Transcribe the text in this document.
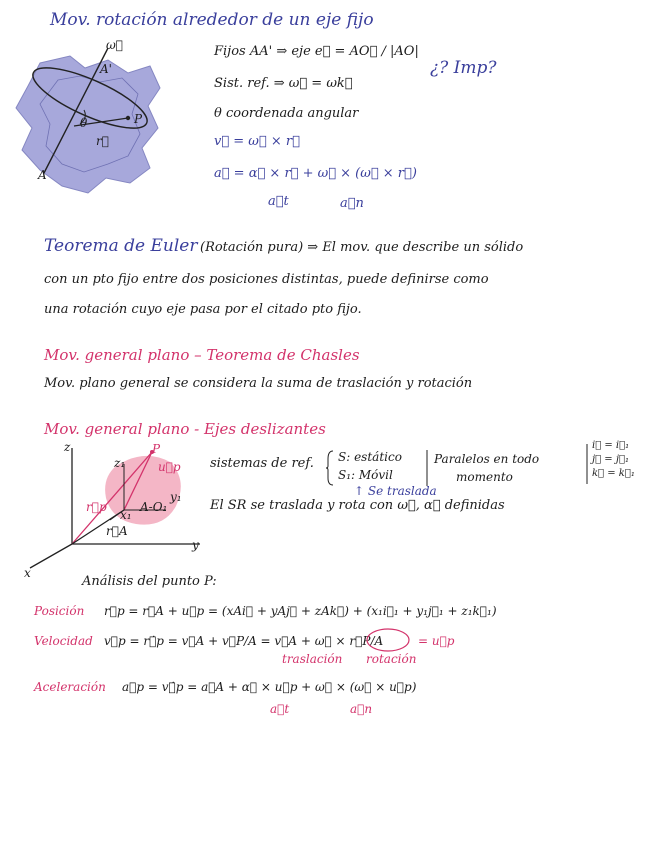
Mov. rotación alrededor de un eje fijo
ω⃗
A'
A
P
θ
r⃗
Fijos AA' ⇒ eje e⃗ = AO⃗ / |AO|
¿? Imp?
Sist. ref. ⇒ ω⃗ = ωk⃗
θ coordenada angular
v⃗ = ω⃗ × r⃗
a⃗ = α⃗ × r⃗ + ω⃗ × (ω⃗ × r⃗)
a⃗t	a⃗n
Teorema de Euler (Rotación pura) ⇒ El mov. que describe un sólido
con un pto fijo entre dos posiciones distintas, puede definirse como
una rotación cuyo eje pasa por el citado pto fijo.
Mov. general plano – Teorema de Chasles
Mov. plano general se considera la suma de traslación y rotación
Mov. general plano - Ejes deslizantes
z
y
x
P
r⃗p
u⃗p
r⃗A
z₁
y₁
x₁
A-O₁
sistemas de ref. S: estático
S₁: Móvil
Paralelos en todo
momento
i⃗ = i⃗₁
j⃗ = j⃗₁
k⃗ = k⃗₁
↑ Se traslada
El SR se traslada y rota con ω⃗, α⃗ definidas
Análisis del punto P:
Posición r⃗p = r⃗A + u⃗p = (xAi⃗ + yAj⃗ + zAk⃗) + (x₁i⃗₁ + y₁j⃗₁ + z₁k⃗₁)
Velocidad v⃗p = r⃗̇p = v⃗A + v⃗P/A = v⃗A + ω⃗ × r⃗P/A	= u⃗p
traslación rotación
Aceleración a⃗p = v⃗̇p = a⃗A + α⃗ × u⃗p + ω⃗ × (ω⃗ × u⃗p)
a⃗t	a⃗n
